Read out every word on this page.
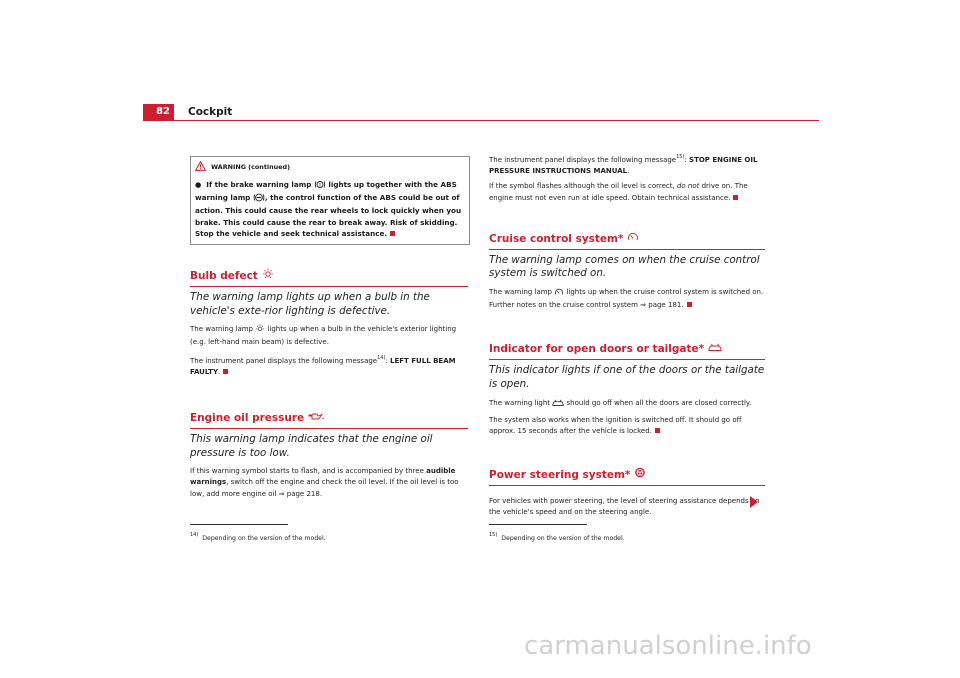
82	Cockpit
WARNING (continued)
● If the brake warning lamp lights up together with the ABS warning lamp , the control function of the ABS could be out of action. This could cause the rear wheels to lock quickly when you brake. This could cause the rear to break away. Risk of skidding. Stop the vehicle and seek technical assistance.
Bulb defect
The warning lamp lights up when a bulb in the vehicle's exte-rior lighting is defective.

The warning lamp lights up when a bulb in the vehicle's exterior lighting (e.g. left-hand main beam) is defective.

The instrument panel displays the following message$^{14)}$: LEFT FULL BEAM FAULTY.

Engine oil pressure
This warning lamp indicates that the engine oil pressure is too low.

If this warning symbol starts to flash, and is accompanied by three audible warnings, switch off the engine and check the oil level. If the oil level is too low, add more engine oil ⇒ page 218.

$^{14)}$ Depending on the version of the model.

The instrument panel displays the following message$^{15)}$: STOP ENGINE OIL PRESSURE INSTRUCTIONS MANUAL.

If the symbol flashes although the oil level is correct, do not drive on. The engine must not even run at idle speed. Obtain technical assistance.

Cruise control system*
The warning lamp comes on when the cruise control system is switched on.

The warning lamp lights up when the cruise control system is switched on. Further notes on the cruise control system ⇒ page 181.

Indicator for open doors or tailgate*
This indicator lights if one of the doors or the tailgate is open.

The warning light should go off when all the doors are closed correctly.

The system also works when the ignition is switched off. It should go off approx. 15 seconds after the vehicle is locked.

Power steering system*

For vehicles with power steering, the level of steering assistance depends on the vehicle's speed and on the steering angle.

$^{15)}$ Depending on the version of the model.
carmanualsonline.info
